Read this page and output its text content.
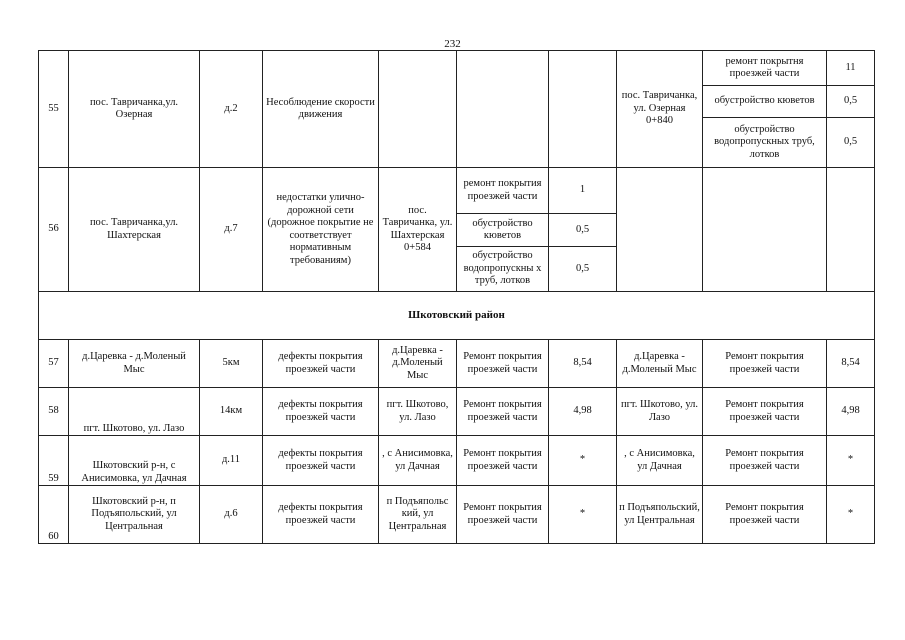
232
55	пос. Тавричанка,ул. Озерная	д.2	Несоблюдение скорости движения				пос. Тавричанка, ул. Озерная 0+840	ремонт покрытня проезжей части	11
								обустройство кюветов	0,5
								обустройство водопропускных труб, лотков	0,5
56	пос. Тавричанка,ул. Шахтерская	д.7	недостатки улично-дорожной сети (дорожное покрытие не соответствует нормативным требованиям)	пос. Тавричанка, ул. Шахтерская 0+584	ремонт покрытия проезжей части	1			
					обустройство кюветов	0,5			
					обустройство водопропускны х труб, лотков	0,5			
Шкотовский район									
57	д.Царевка - д.Моленый Мыс	5км	дефекты покрытия проезжей части	д.Царевка - д.Моленый Мыс	Ремонт покрытия проезжей части	8,54	д.Царевка - д.Моленый Мыс	Ремонт покрытия проезжей части	8,54
58	пгт. Шкотово, ул. Лазо	14км	дефекты покрытия проезжей части	пгт. Шкотово, ул. Лазо	Ремонт покрытия проезжей части	4,98	пгт. Шкотово, ул. Лазо	Ремонт покрытия проезжей части	4,98
59	Шкотовский р-н, с Анисимовка, ул Дачная	д.11	дефекты покрытия проезжей части	, с Анисимовка, ул Дачная	Ремонт покрытия проезжей части	*	, с Анисимовка, ул Дачная	Ремонт покрытия проезжей части	*
60	Шкотовский р-н, п Подъяпольский, ул Центральная	д.6	дефекты покрытия проезжей части	п Подъяпольс кий, ул Центральная	Ремонт покрытия проезжей части	*	п Подъяпольский, ул Центральная	Ремонт покрытия проезжей части	*
